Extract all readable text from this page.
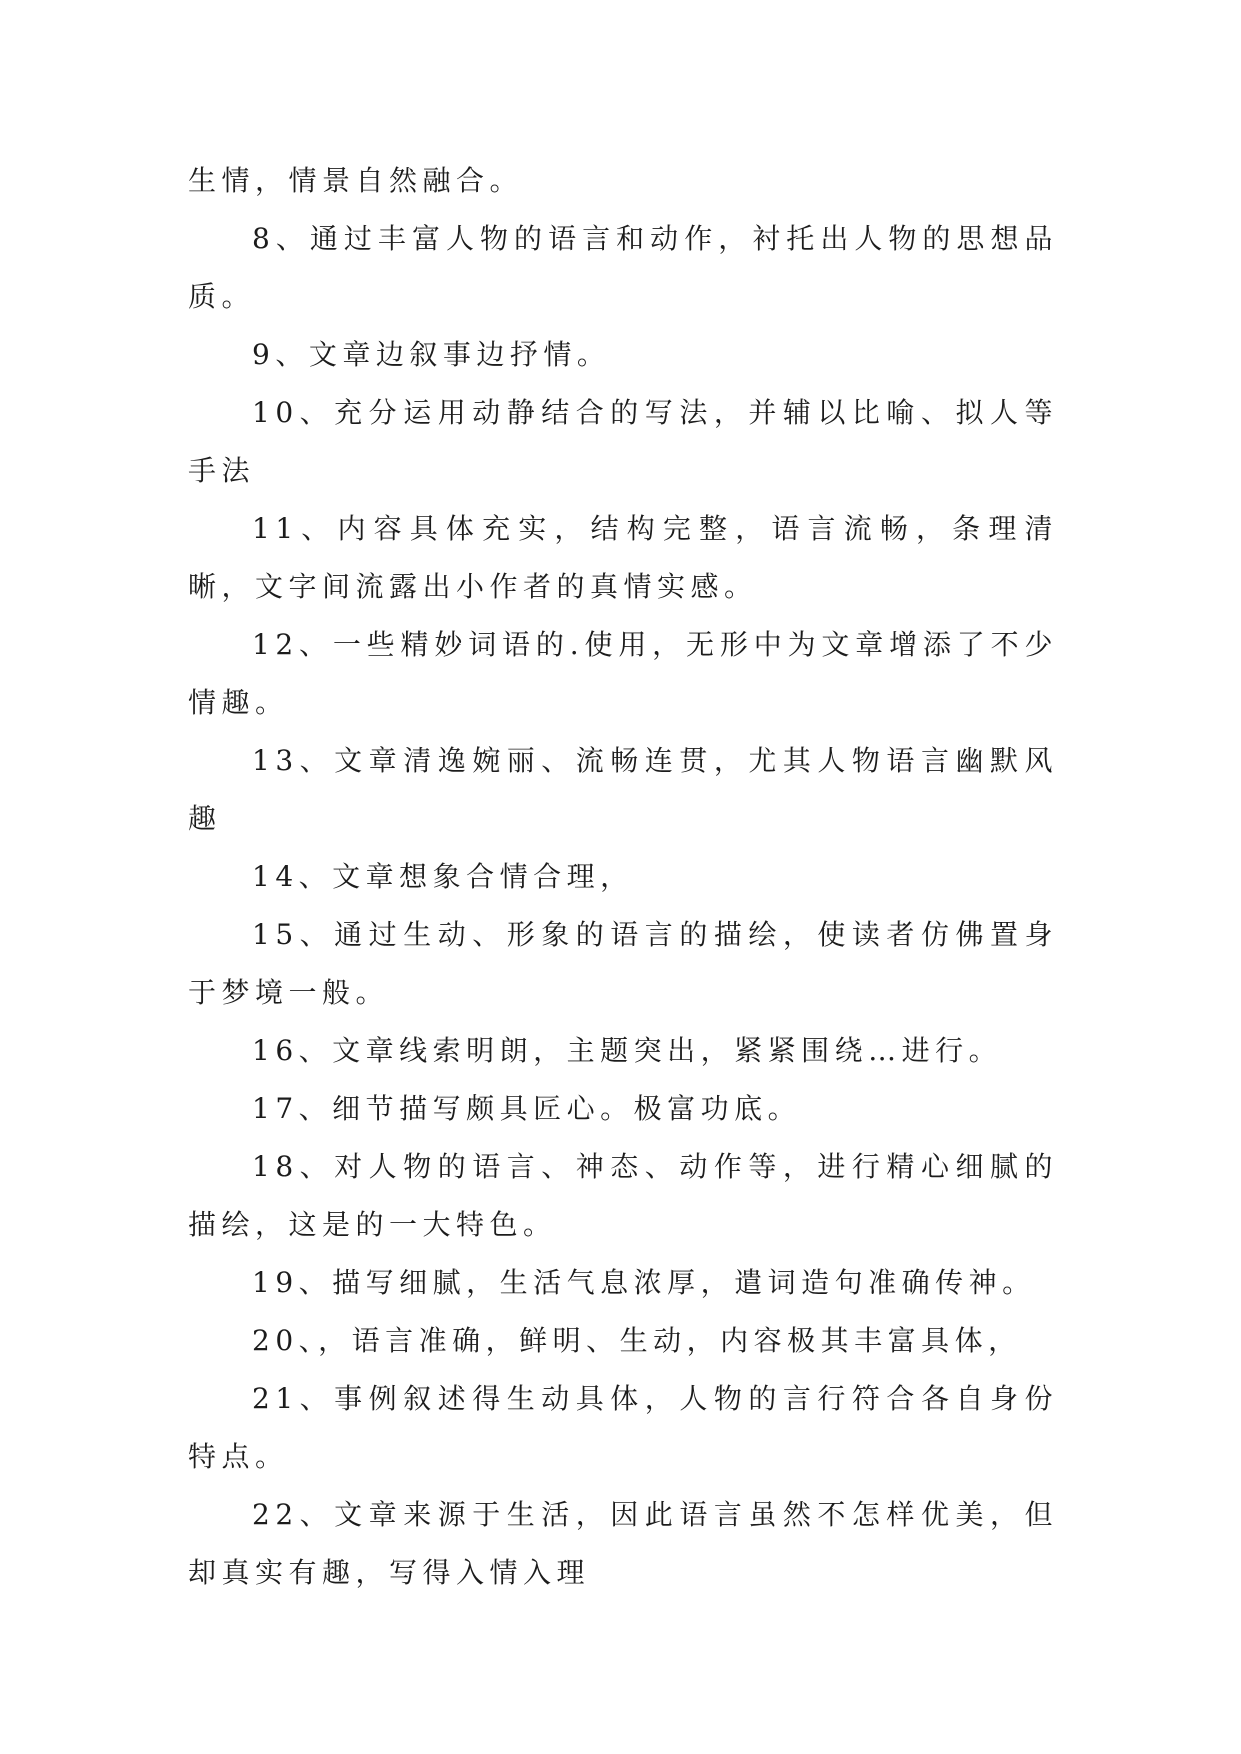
生情，情景自然融合。

8、通过丰富人物的语言和动作，衬托出人物的思想品质。

9、文章边叙事边抒情。

10、充分运用动静结合的写法，并辅以比喻、拟人等手法

11、内容具体充实，结构完整，语言流畅，条理清晰，文字间流露出小作者的真情实感。

12、一些精妙词语的.使用，无形中为文章增添了不少情趣。

13、文章清逸婉丽、流畅连贯，尤其人物语言幽默风趣

14、文章想象合情合理，

15、通过生动、形象的语言的描绘，使读者仿佛置身于梦境一般。

16、文章线索明朗，主题突出，紧紧围绕…进行。

17、细节描写颇具匠心。极富功底。

18、对人物的语言、神态、动作等，进行精心细腻的描绘，这是的一大特色。

19、描写细腻，生活气息浓厚，遣词造句准确传神。

20、，语言准确，鲜明、生动，内容极其丰富具体，

21、事例叙述得生动具体，人物的言行符合各自身份特点。

22、文章来源于生活，因此语言虽然不怎样优美，但却真实有趣，写得入情入理
